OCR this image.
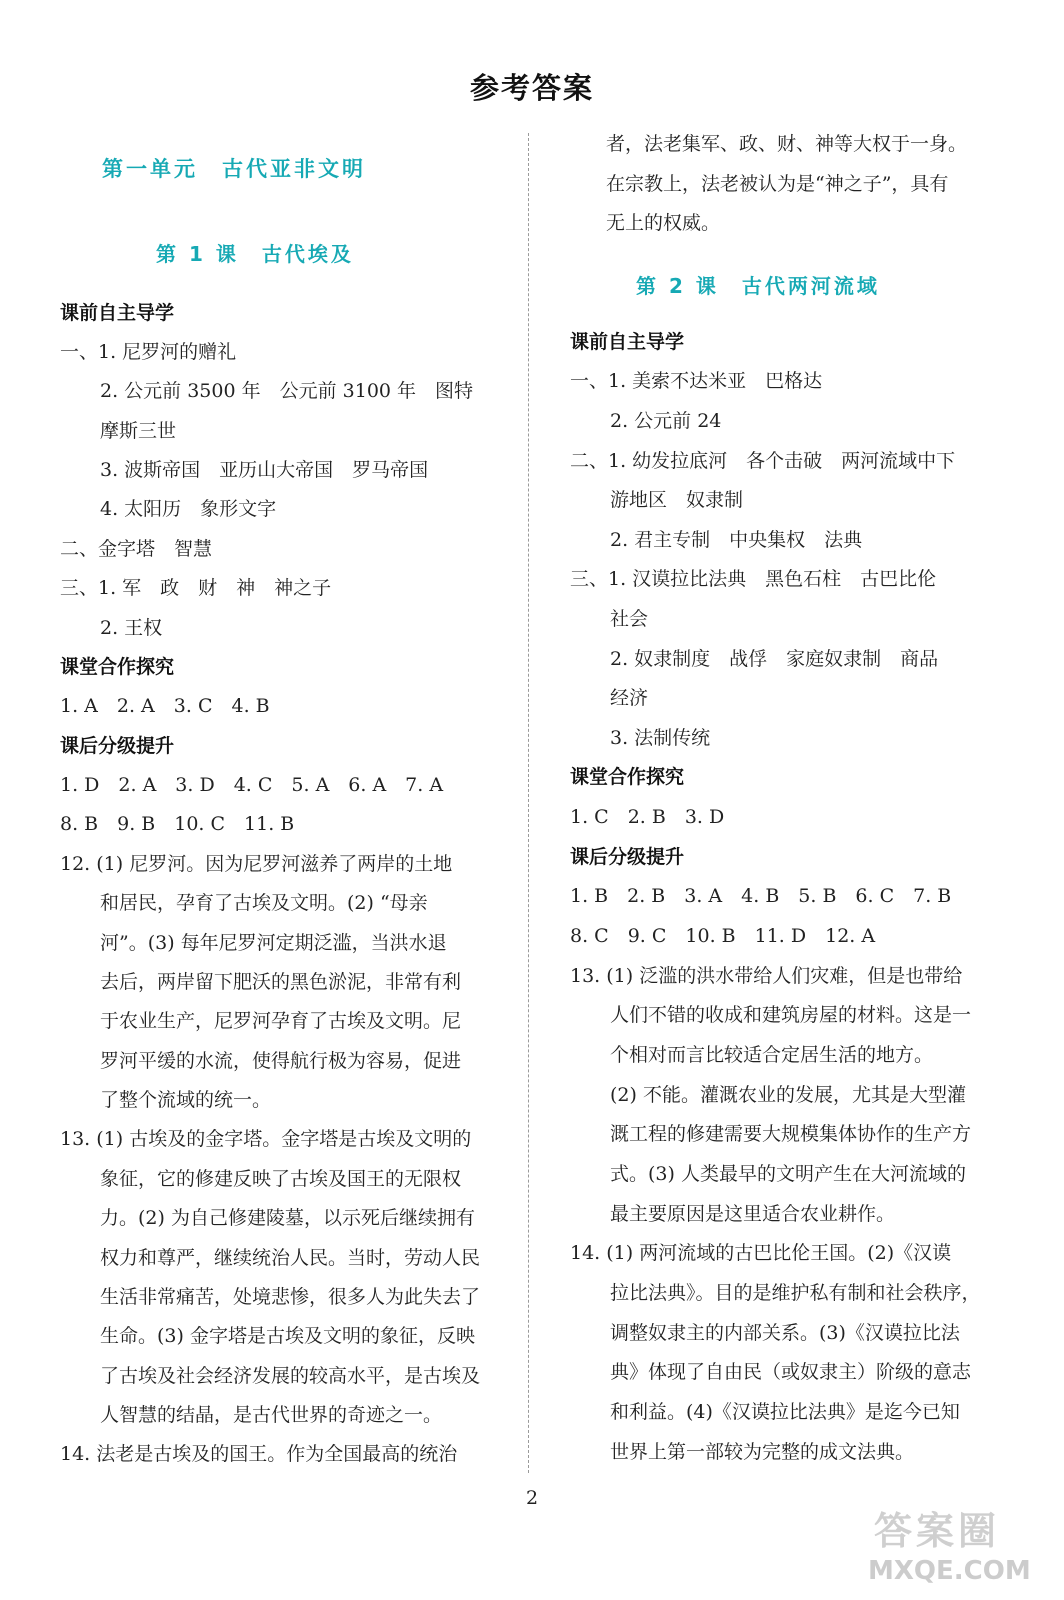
参考答案
第一单元　古代亚非文明
第 1 课　古代埃及
课前自主导学
一、1. 尼罗河的赠礼
2. 公元前 3500 年　公元前 3100 年　图特
摩斯三世
3. 波斯帝国　亚历山大帝国　罗马帝国
4. 太阳历　象形文字
二、金字塔　智慧
三、1. 军　政　财　神　神之子
2. 王权
课堂合作探究
1. A　2. A　3. C　4. B
课后分级提升
1. D　2. A　3. D　4. C　5. A　6. A　7. A
8. B　9. B　10. C　11. B
12. (1) 尼罗河。因为尼罗河滋养了两岸的土地
和居民，孕育了古埃及文明。(2) “母亲
河”。(3) 每年尼罗河定期泛滥，当洪水退
去后，两岸留下肥沃的黑色淤泥，非常有利
于农业生产，尼罗河孕育了古埃及文明。尼
罗河平缓的水流，使得航行极为容易，促进
了整个流域的统一。
13. (1) 古埃及的金字塔。金字塔是古埃及文明的
象征，它的修建反映了古埃及国王的无限权
力。(2) 为自己修建陵墓，以示死后继续拥有
权力和尊严，继续统治人民。当时，劳动人民
生活非常痛苦，处境悲惨，很多人为此失去了
生命。(3) 金字塔是古埃及文明的象征，反映
了古埃及社会经济发展的较高水平，是古埃及
人智慧的结晶，是古代世界的奇迹之一。
14. 法老是古埃及的国王。作为全国最高的统治
者，法老集军、政、财、神等大权于一身。
在宗教上，法老被认为是“神之子”，具有
无上的权威。
第 2 课　古代两河流域
课前自主导学
一、1. 美索不达米亚　巴格达
2. 公元前 24
二、1. 幼发拉底河　各个击破　两河流域中下
游地区　奴隶制
2. 君主专制　中央集权　法典
三、1. 汉谟拉比法典　黑色石柱　古巴比伦
社会
2. 奴隶制度　战俘　家庭奴隶制　商品
经济
3. 法制传统
课堂合作探究
1. C　2. B　3. D
课后分级提升
1. B　2. B　3. A　4. B　5. B　6. C　7. B
8. C　9. C　10. B　11. D　12. A
13. (1) 泛滥的洪水带给人们灾难，但是也带给
人们不错的收成和建筑房屋的材料。这是一
个相对而言比较适合定居生活的地方。
(2) 不能。灌溉农业的发展，尤其是大型灌
溉工程的修建需要大规模集体协作的生产方
式。(3) 人类最早的文明产生在大河流域的
最主要原因是这里适合农业耕作。
14. (1) 两河流域的古巴比伦王国。(2)《汉谟
拉比法典》。目的是维护私有制和社会秩序，
调整奴隶主的内部关系。(3)《汉谟拉比法
典》体现了自由民（或奴隶主）阶级的意志
和利益。(4)《汉谟拉比法典》是迄今已知
世界上第一部较为完整的成文法典。
2
答案圈
MXQE.COM
